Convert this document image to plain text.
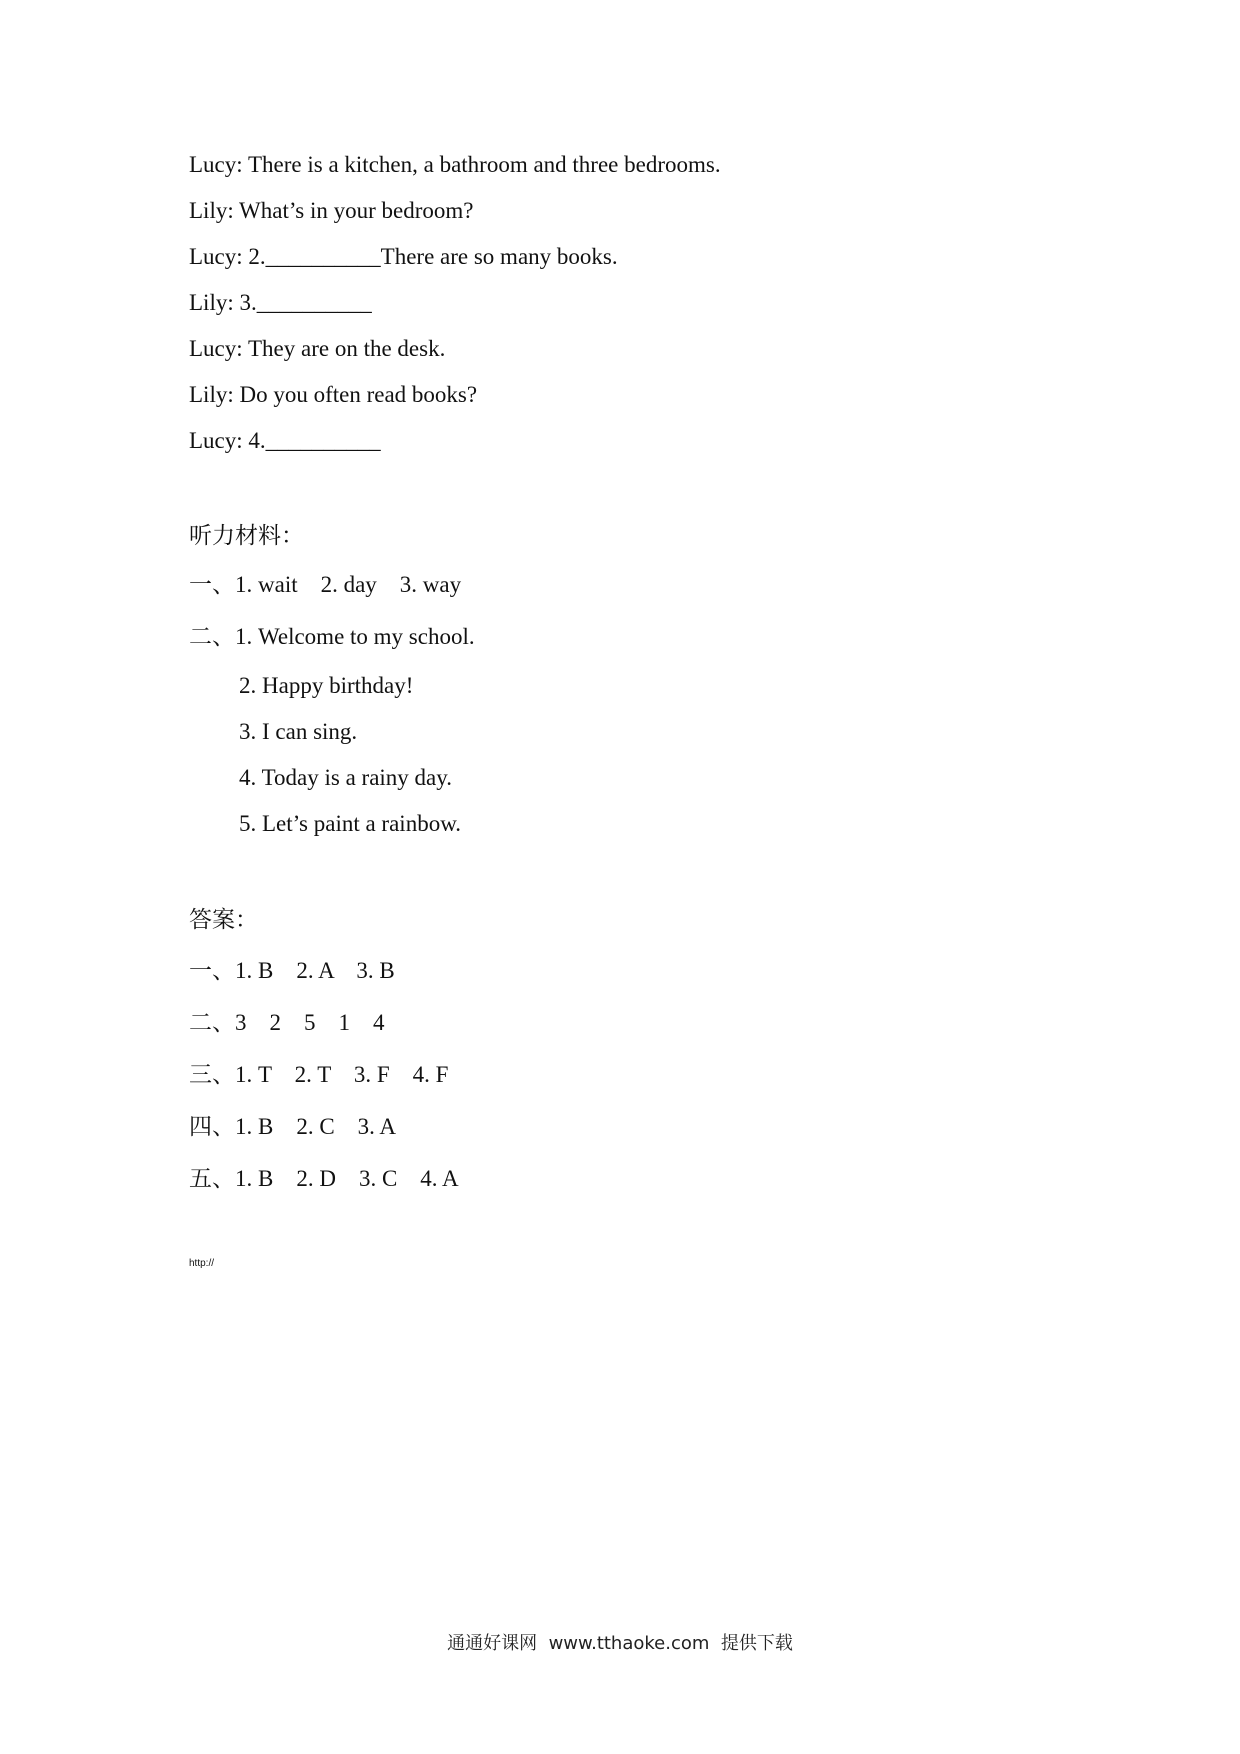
Lucy: There is a kitchen, a bathroom and three bedrooms.
Lily: What’s in your bedroom?
Lucy: 2.__________There are so many books.
Lily: 3.__________
Lucy: They are on the desk.
Lily: Do you often read books?
Lucy: 4.__________
听力材料：
一、1. wait    2. day    3. way
二、1. Welcome to my school.
2. Happy birthday!
3. I can sing.
4. Today is a rainy day.
5. Let’s paint a rainbow.
答案：
一、1. B    2. A    3. B
二、3    2    5    1    4
三、1. T    2. T    3. F    4. F
四、1. B    2. C    3. A
五、1. B    2. D    3. C    4. A
http://
通通好课网  www.tthaoke.com  提供下载
